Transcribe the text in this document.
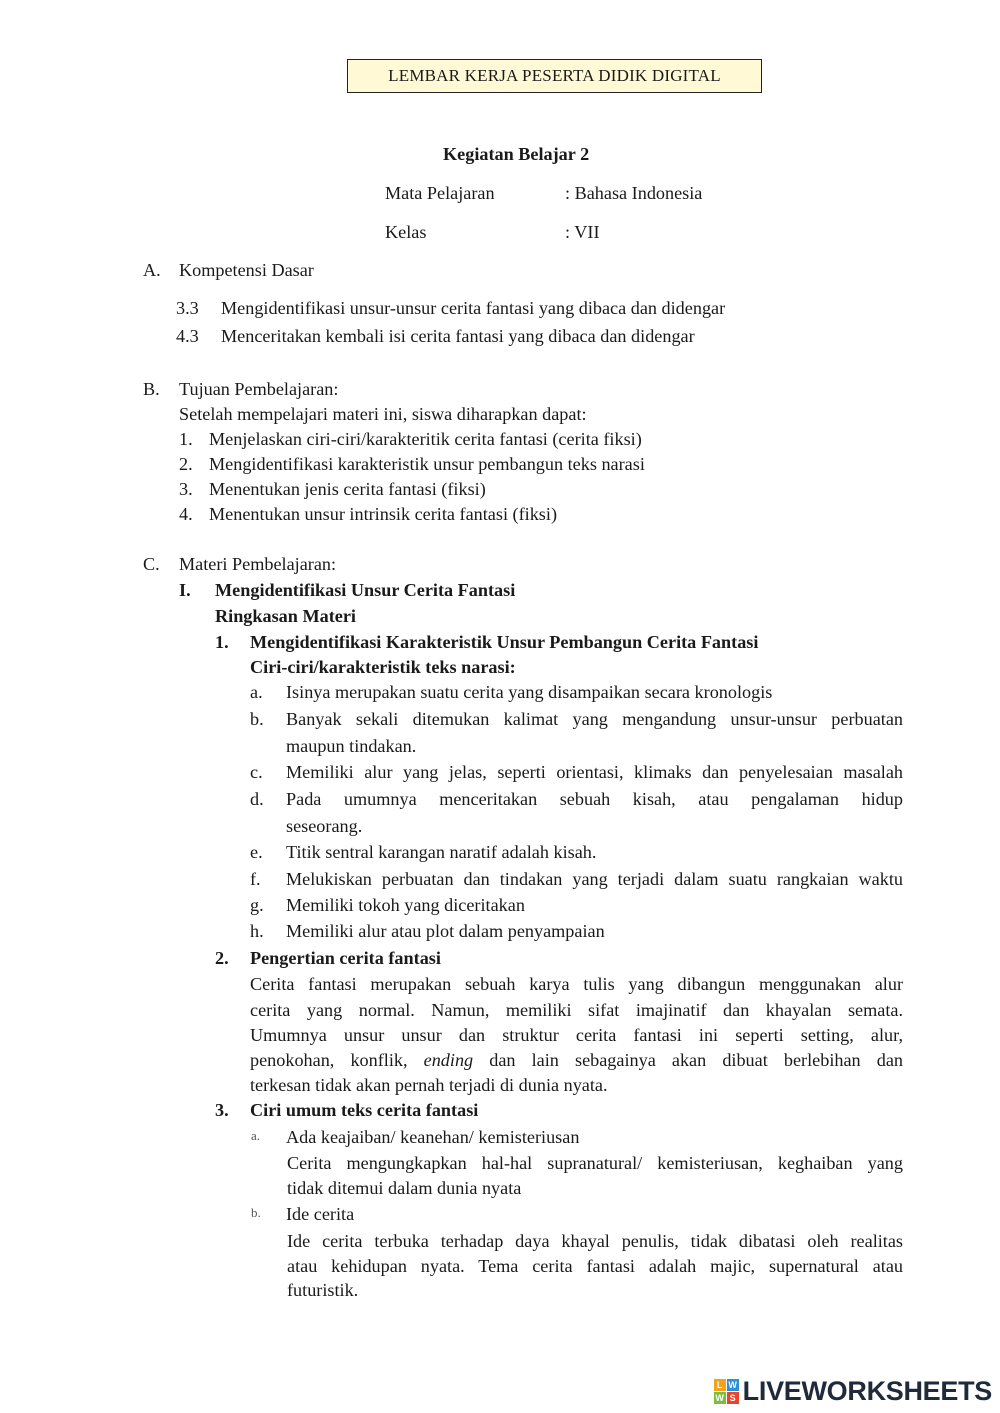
LEMBAR KERJA PESERTA DIDIK DIGITAL
Kegiatan Belajar 2
Mata Pelajaran	: Bahasa Indonesia
Kelas	: VII
A. Kompetensi Dasar
3.3 Mengidentifikasi unsur-unsur cerita fantasi yang dibaca dan didengar
4.3 Menceritakan kembali isi cerita fantasi yang dibaca dan didengar
B. Tujuan Pembelajaran:
Setelah mempelajari materi ini, siswa diharapkan dapat:
1. Menjelaskan ciri-ciri/karakteritik cerita fantasi (cerita fiksi)
2. Mengidentifikasi karakteristik unsur pembangun teks narasi
3. Menentukan jenis cerita fantasi (fiksi)
4. Menentukan unsur intrinsik cerita fantasi (fiksi)
C. Materi Pembelajaran:
I. Mengidentifikasi Unsur Cerita Fantasi
Ringkasan Materi
1. Mengidentifikasi Karakteristik Unsur Pembangun Cerita Fantasi
Ciri-ciri/karakteristik teks narasi:
a. Isinya merupakan suatu cerita yang disampaikan secara kronologis
b. Banyak sekali ditemukan kalimat yang mengandung unsur-unsur perbuatan
maupun tindakan.
c. Memiliki alur yang jelas, seperti orientasi, klimaks dan penyelesaian masalah
d. Pada umumnya menceritakan sebuah kisah, atau pengalaman hidup
seseorang.
e. Titik sentral karangan naratif adalah kisah.
f. Melukiskan perbuatan dan tindakan yang terjadi dalam suatu rangkaian waktu
g. Memiliki tokoh yang diceritakan
h. Memiliki alur atau plot dalam penyampaian
2. Pengertian cerita fantasi
Cerita fantasi merupakan sebuah karya tulis yang dibangun menggunakan alur
cerita yang normal. Namun, memiliki sifat imajinatif dan khayalan semata.
Umumnya unsur unsur dan struktur cerita fantasi ini seperti setting, alur,
penokohan, konflik, ending dan lain sebagainya akan dibuat berlebihan dan
terkesan tidak akan pernah terjadi di dunia nyata.
3. Ciri umum teks cerita fantasi
a. Ada keajaiban/ keanehan/ kemisteriusan
Cerita mengungkapkan hal-hal supranatural/ kemisteriusan, keghaiban yang
tidak ditemui dalam dunia nyata
b. Ide cerita
Ide cerita terbuka terhadap daya khayal penulis, tidak dibatasi oleh realitas
atau kehidupan nyata. Tema cerita fantasi adalah majic, supernatural atau
futuristik.
L W
W S LIVEWORKSHEETS
